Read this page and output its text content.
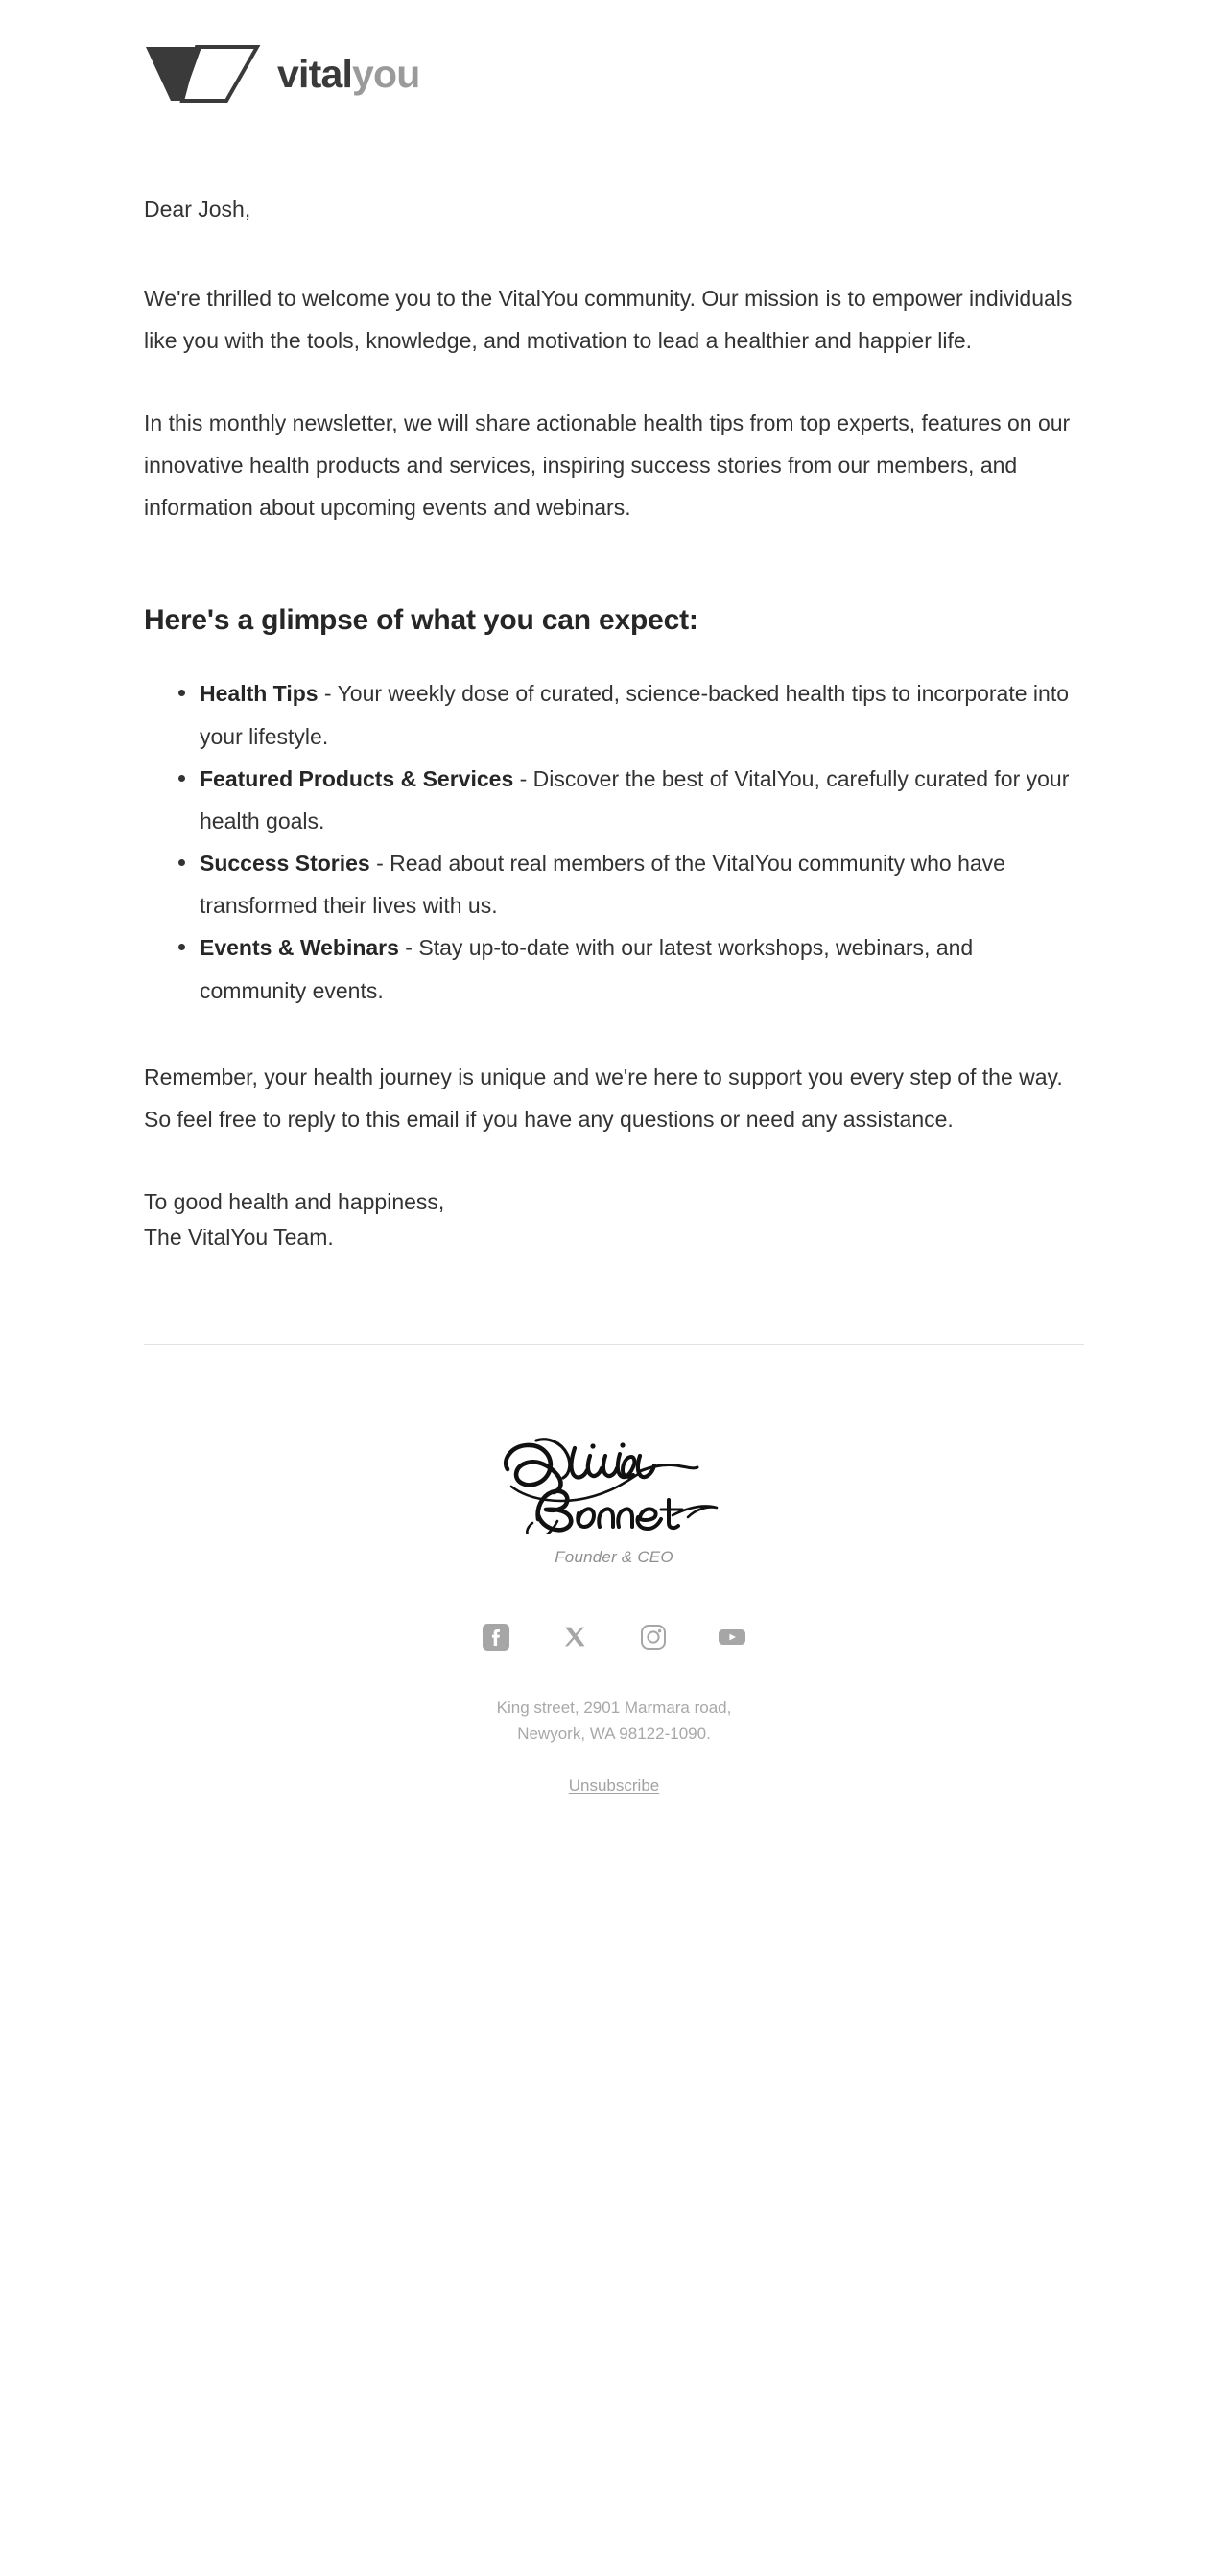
vitalyou
Dear Josh,

We're thrilled to welcome you to the VitalYou community. Our mission is to empower individuals like you with the tools, knowledge, and motivation to lead a healthier and happier life.

In this monthly newsletter, we will share actionable health tips from top experts, features on our innovative health products and services, inspiring success stories from our members, and information about upcoming events and webinars.

Here's a glimpse of what you can expect:
Health Tips - Your weekly dose of curated, science-backed health tips to incorporate into your lifestyle.
Featured Products & Services - Discover the best of VitalYou, carefully curated for your health goals.
Success Stories - Read about real members of the VitalYou community who have transformed their lives with us.
Events & Webinars - Stay up-to-date with our latest workshops, webinars, and community events.

Remember, your health journey is unique and we're here to support you every step of the way. So feel free to reply to this email if you have any questions or need any assistance.

To good health and happiness,
The VitalYou Team.
Founder & CEO
King street, 2901 Marmara road,
Newyork, WA 98122-1090.
Unsubscribe
